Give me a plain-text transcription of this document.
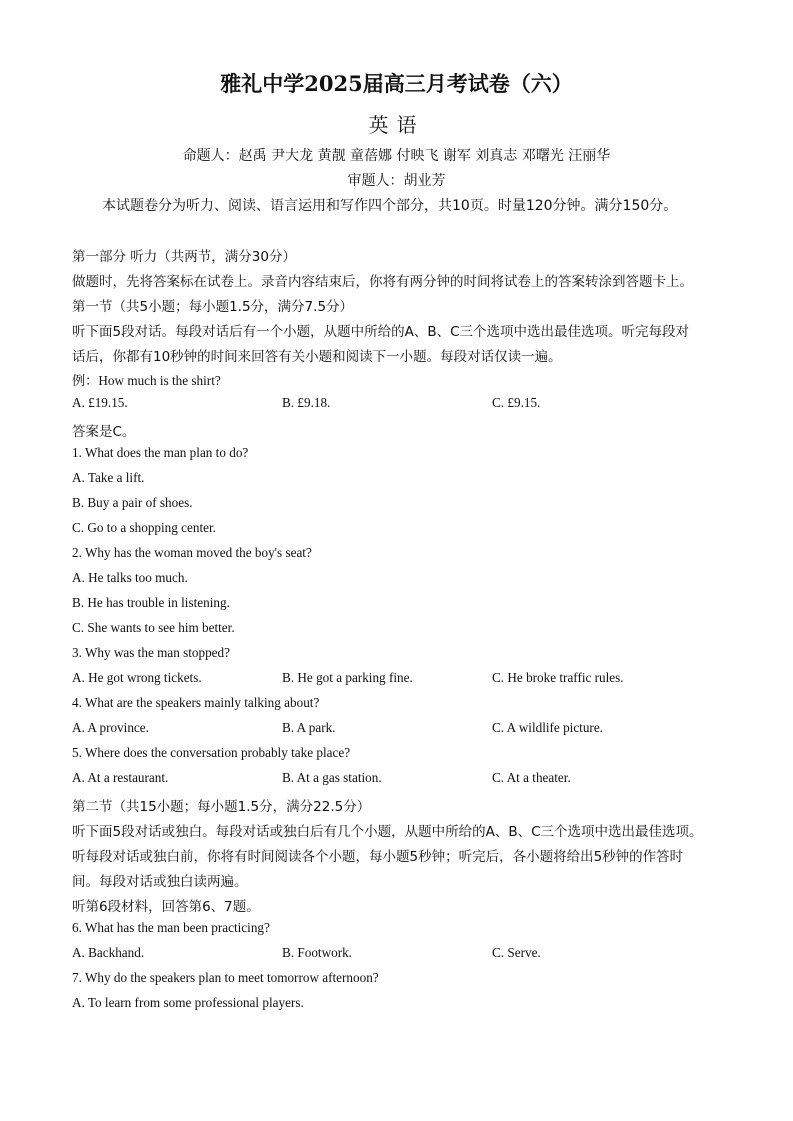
雅礼中学2025届高三月考试卷（六）
英语
命题人：赵禹 尹大龙 黄靓 童蓓娜 付映飞 谢军 刘真志 邓曙光 汪丽华
审题人：胡业芳
本试题卷分为听力、阅读、语言运用和写作四个部分，共10页。时量120分钟。满分150分。
第一部分 听力（共两节，满分30分）
做题时，先将答案标在试卷上。录音内容结束后，你将有两分钟的时间将试卷上的答案转涂到答题卡上。
第一节（共5小题；每小题1.5分，满分7.5分）
听下面5段对话。每段对话后有一个小题，从题中所给的A、B、C三个选项中选出最佳选项。听完每段对
话后，你都有10秒钟的时间来回答有关小题和阅读下一小题。每段对话仅读一遍。
例：How much is the shirt?
A. £19.15.	B. £9.18.	C. £9.15.
答案是C。
1. What does the man plan to do?
A. Take a lift.
B. Buy a pair of shoes.
C. Go to a shopping center.
2. Why has the woman moved the boy's seat?
A. He talks too much.
B. He has trouble in listening.
C. She wants to see him better.
3. Why was the man stopped?
A. He got wrong tickets.	B. He got a parking fine.	C. He broke traffic rules.
4. What are the speakers mainly talking about?
A. A province.	B. A park.	C. A wildlife picture.
5. Where does the conversation probably take place?
A. At a restaurant.	B. At a gas station.	C. At a theater.
第二节（共15小题；每小题1.5分，满分22.5分）
听下面5段对话或独白。每段对话或独白后有几个小题，从题中所给的A、B、C三个选项中选出最佳选项。
听每段对话或独白前，你将有时间阅读各个小题，每小题5秒钟；听完后，各小题将给出5秒钟的作答时
间。每段对话或独白读两遍。
听第6段材料，回答第6、7题。
6. What has the man been practicing?
A. Backhand.	B. Footwork.	C. Serve.
7. Why do the speakers plan to meet tomorrow afternoon?
A. To learn from some professional players.
